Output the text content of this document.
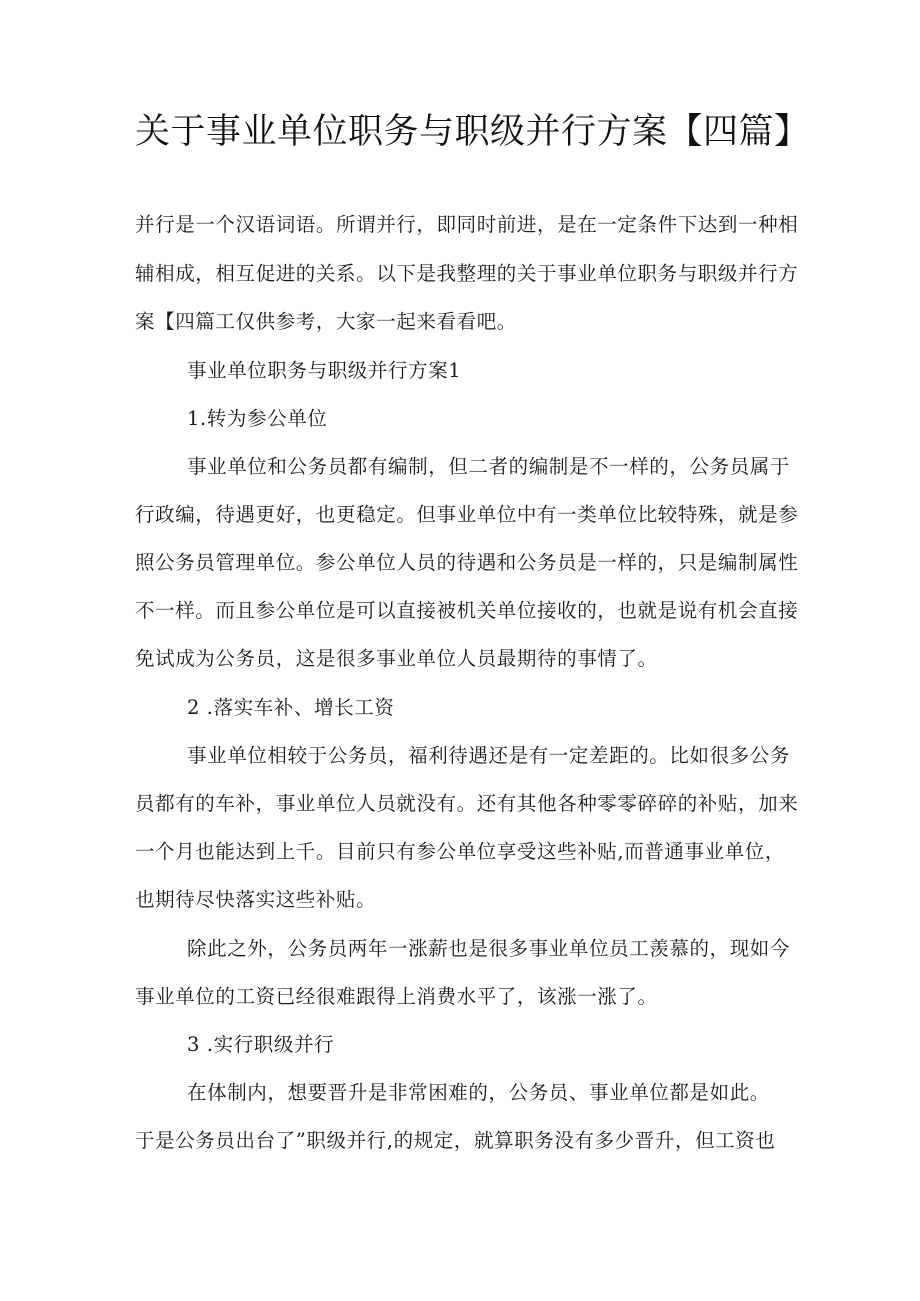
关于事业单位职务与职级并行方案【四篇】
并行是一个汉语词语。所谓并行，即同时前进，是在一定条件下达到一种相
辅相成，相互促进的关系。以下是我整理的关于事业单位职务与职级并行方
案【四篇工仅供参考，大家一起来看看吧。
事业单位职务与职级并行方案1
1.转为参公单位
事业单位和公务员都有编制，但二者的编制是不一样的，公务员属于
行政编，待遇更好，也更稳定。但事业单位中有一类单位比较特殊，就是参
照公务员管理单位。参公单位人员的待遇和公务员是一样的，只是编制属性
不一样。而且参公单位是可以直接被机关单位接收的，也就是说有机会直接
免试成为公务员，这是很多事业单位人员最期待的事情了。
2 .落实车补、增长工资
事业单位相较于公务员，福利待遇还是有一定差距的。比如很多公务
员都有的车补，事业单位人员就没有。还有其他各种零零碎碎的补贴，加来
一个月也能达到上千。目前只有参公单位享受这些补贴,而普通事业单位，
也期待尽快落实这些补贴。
除此之外，公务员两年一涨薪也是很多事业单位员工羡慕的，现如今
事业单位的工资已经很难跟得上消费水平了，该涨一涨了。
3 .实行职级并行
在体制内，想要晋升是非常困难的，公务员、事业单位都是如此。
于是公务员出台了”职级并行,的规定，就算职务没有多少晋升，但工资也
